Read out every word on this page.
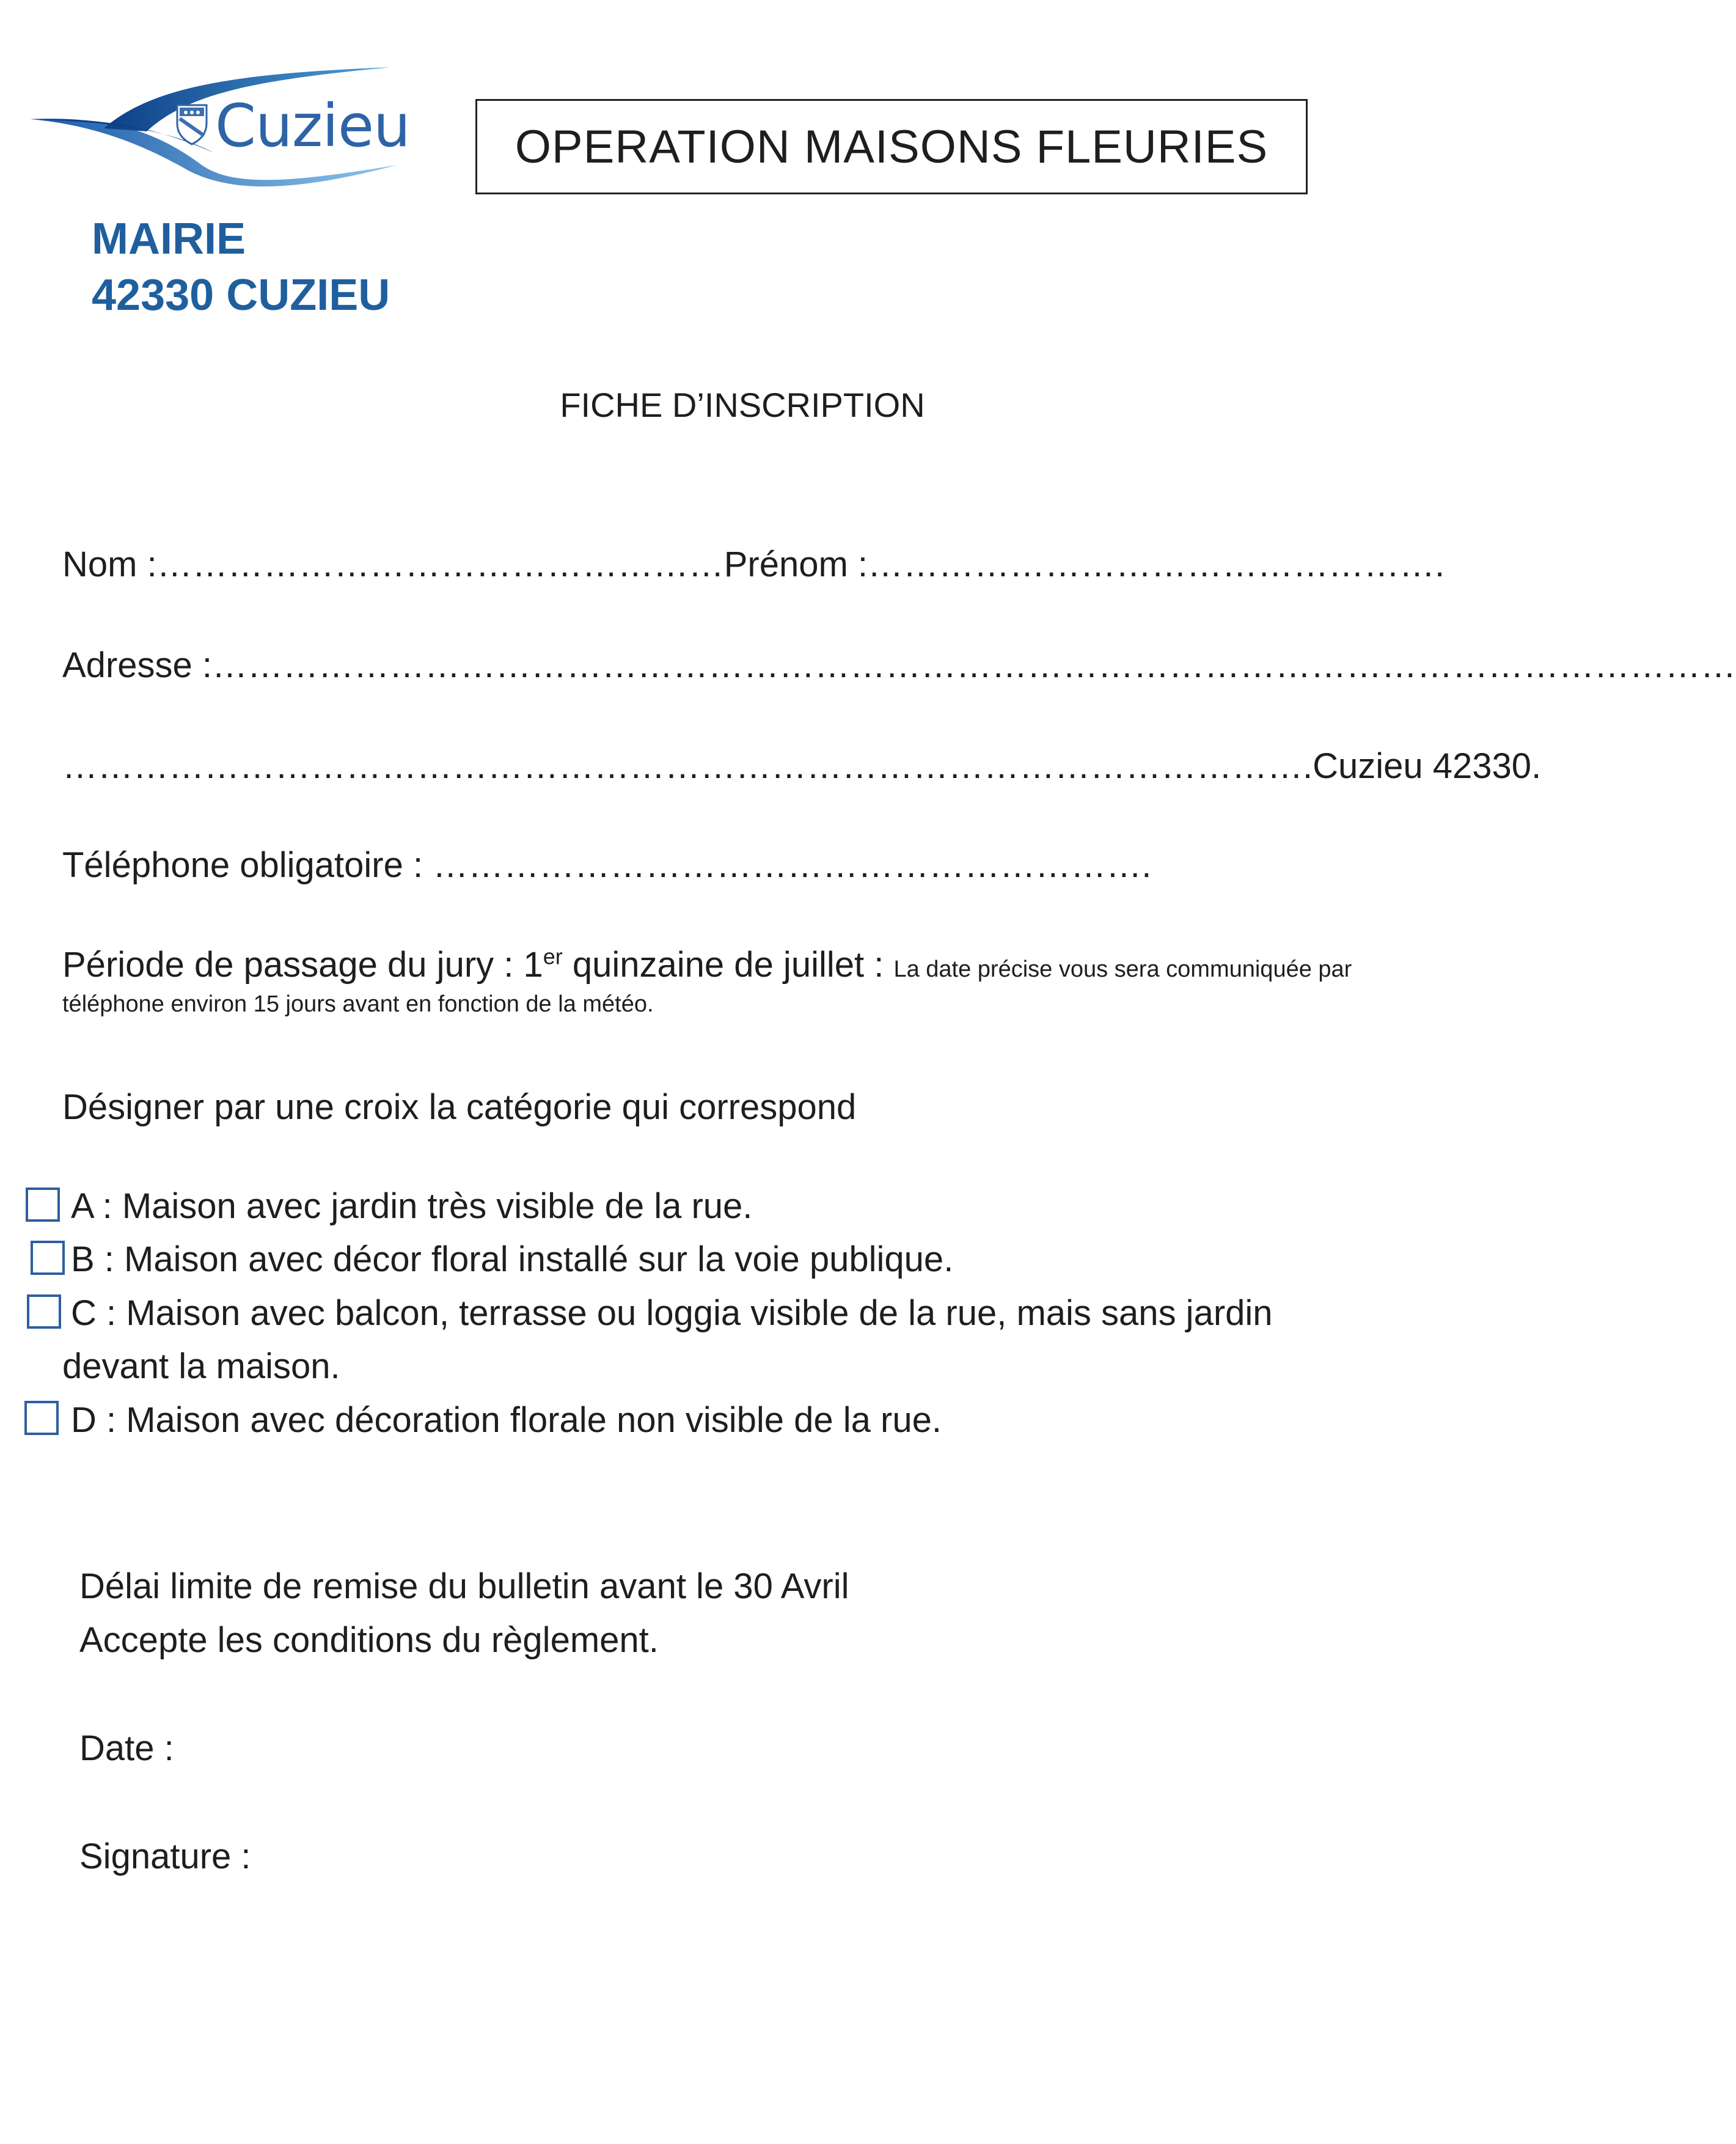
Cuzieu
MAIRIE
42330 CUZIEU
OPERATION MAISONS FLEURIES
FICHE D’INSCRIPTION
Nom :…………………………………………Prénom :………………………………………….
Adresse :…………………………………………………………………………………………………………………
…………………………………………………………………………………………….Cuzieu 42330.
Téléphone obligatoire : …………………………………………………….
Période de passage du jury : 1er quinzaine de juillet : La date précise vous sera communiquée par
téléphone environ 15 jours avant en fonction de la météo.
Désigner par une croix la catégorie qui correspond
A : Maison avec jardin très visible de la rue.
B : Maison avec décor floral installé sur la voie publique.
C : Maison avec balcon, terrasse ou loggia visible de la rue, mais sans jardin
devant la maison.
D : Maison avec décoration florale non visible de la rue.
Délai limite de remise du bulletin avant le 30 Avril
Accepte les conditions du règlement.
Date :
Signature :
